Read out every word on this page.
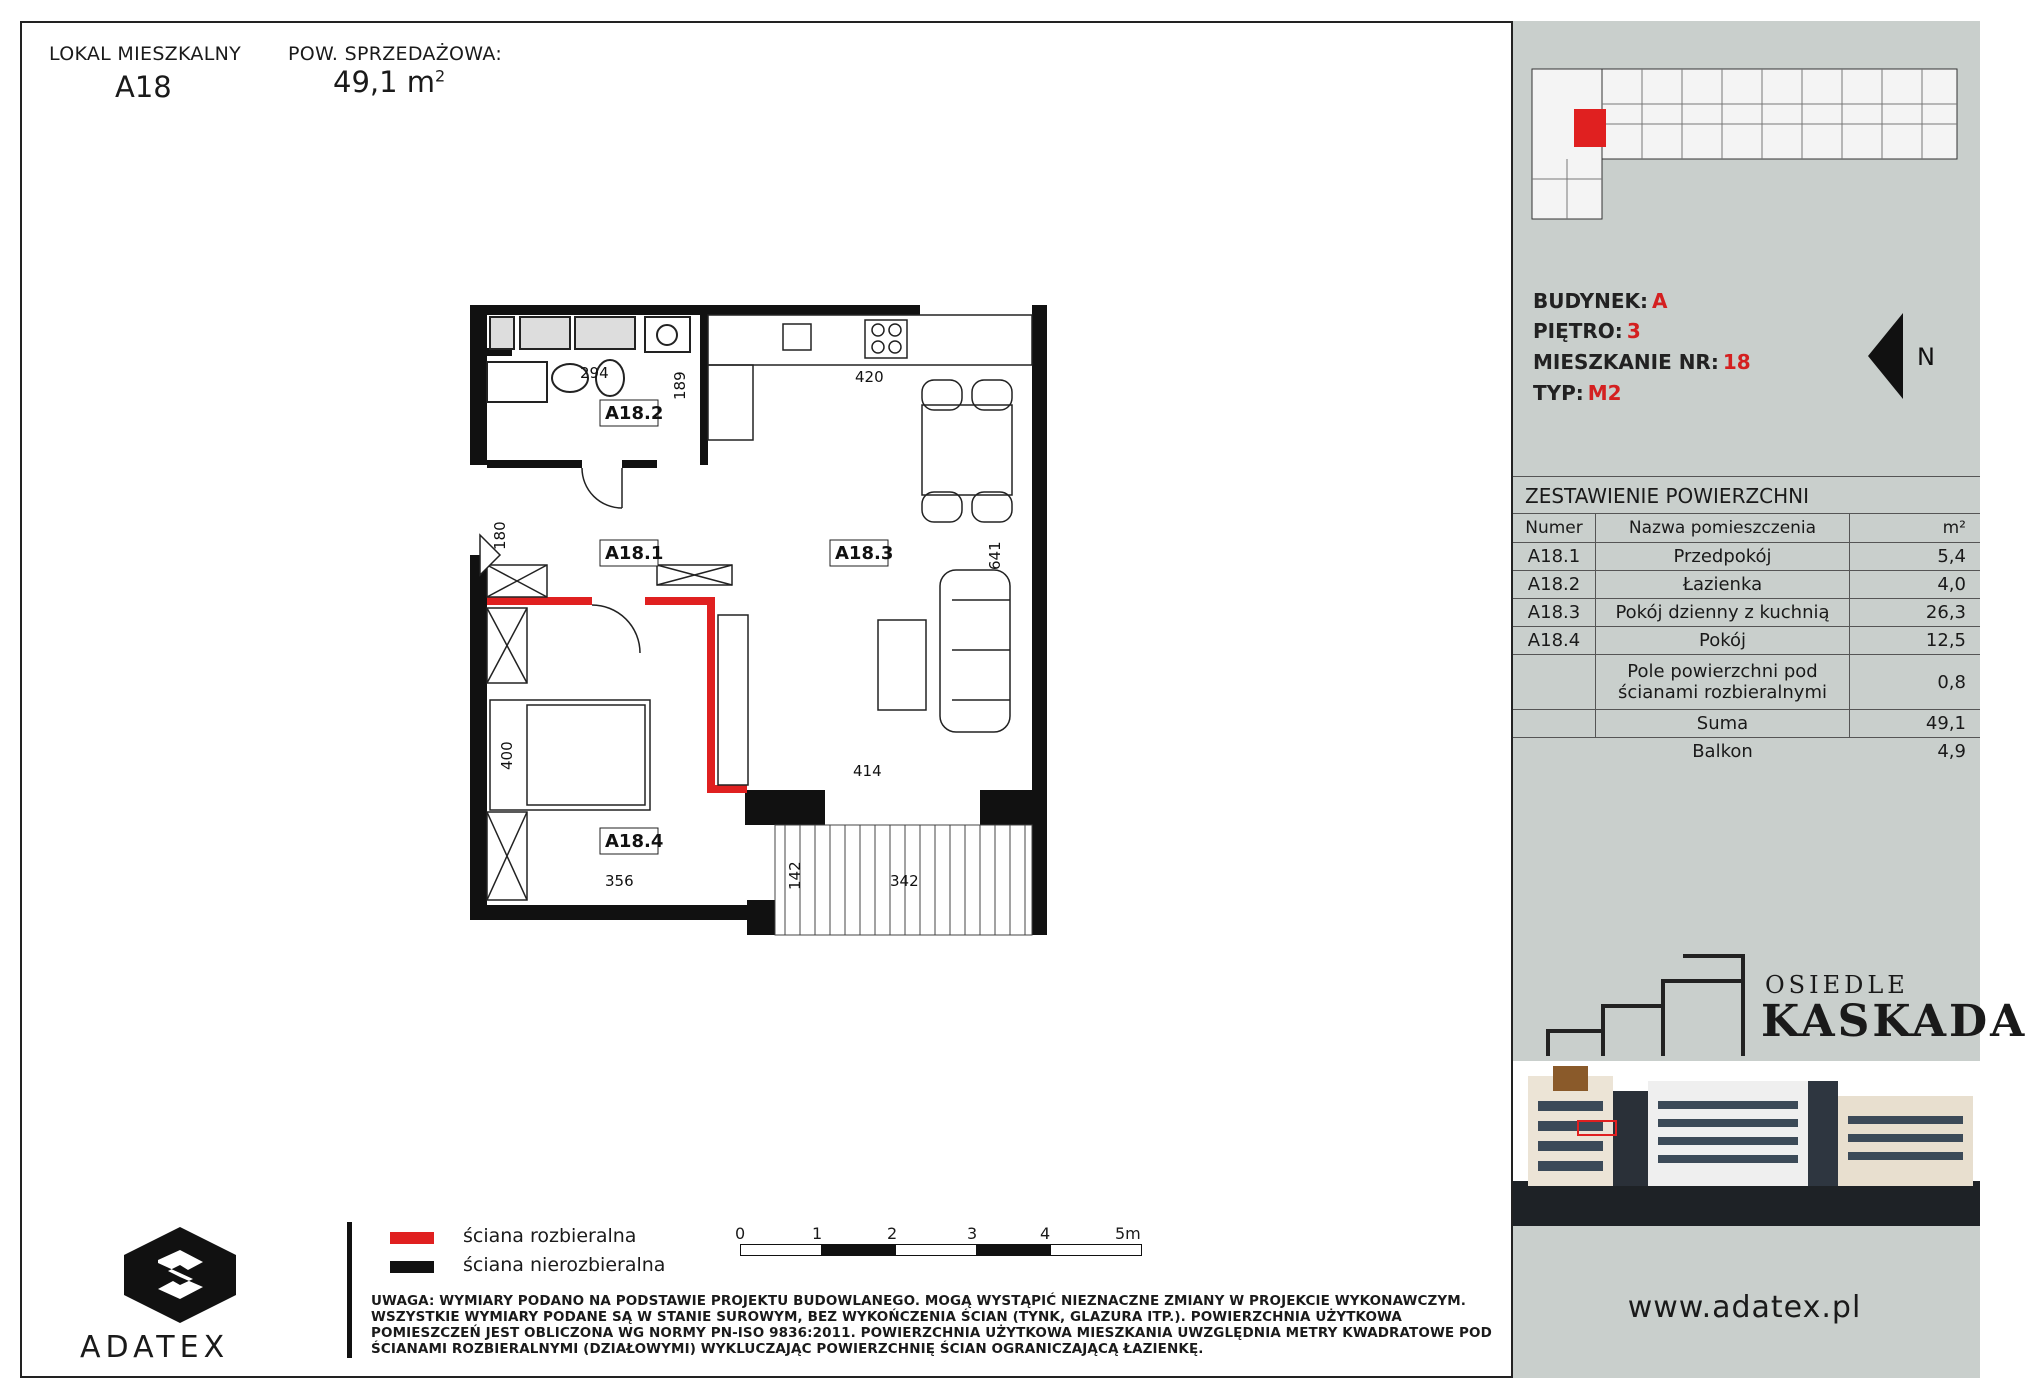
LOKAL MIESZKALNY
A18
POW. SPRZEDAŻOWA:
49,1 $m^2$
A18.2
A18.1	A18.3
A18.4
294	189	420
180
641
400
414
356	142	342
ściana rozbieralna
ściana nierozbieralna
0	1	2	3	4	5m
UWAGA: WYMIARY PODANO NA PODSTAWIE PROJEKTU BUDOWLANEGO. MOGĄ WYSTĄPIĆ NIEZNACZNE ZMIANY W PROJEKCIE WYKONAWCZYM. WSZYSTKIE WYMIARY PODANE SĄ W STANIE SUROWYM, BEZ WYKOŃCZENIA ŚCIAN (TYNK, GLAZURA ITP.). POWIERZCHNIA UŻYTKOWA POMIESZCZEŃ JEST OBLICZONA WG NORMY PN-ISO 9836:2011. POWIERZCHNIA UŻYTKOWA MIESZKANIA UWZGLĘDNIA METRY KWADRATOWE POD ŚCIANAMI ROZBIERALNYMI (DZIAŁOWYMI) WYKLUCZAJĄC POWIERZCHNIĘ ŚCIAN OGRANICZAJĄCĄ ŁAZIENKĘ.
ADATEX
BUDYNEK: A
PIĘTRO: 3
MIESZKANIE NR: 18
TYP: M2
N
ZESTAWIENIE POWIERZCHNI
Numer	Nazwa pomieszczenia	m²
A18.1	Przedpokój	5,4
A18.2	Łazienka	4,0
A18.3	Pokój dzienny z kuchnią	26,3
A18.4	Pokój	12,5
	Pole powierzchni pod ścianami rozbieralnymi	0,8
	Suma	49,1
	Balkon	4,9
OSIEDLE
KASKADA
www.adatex.pl
